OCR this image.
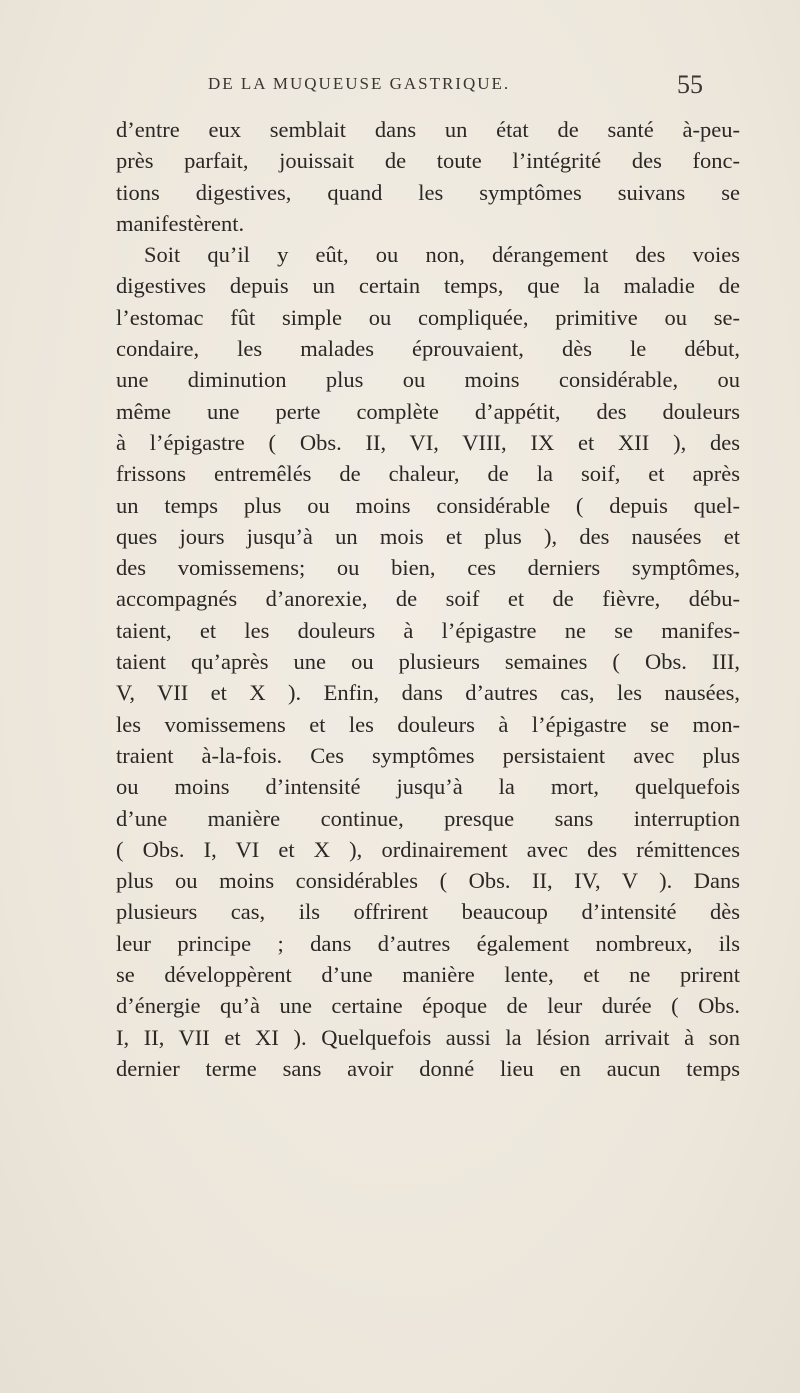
DE LA MUQUEUSE GASTRIQUE.	55
d’entre eux semblait dans un état de santé à-peu-
près parfait, jouissait de toute l’intégrité des fonc-
tions digestives, quand les symptômes suivans se
manifestèrent.
Soit qu’il y eût, ou non, dérangement des voies
digestives depuis un certain temps, que la maladie de
l’estomac fût simple ou compliquée, primitive ou se-
condaire, les malades éprouvaient, dès le début,
une diminution plus ou moins considérable, ou
même une perte complète d’appétit, des douleurs
à l’épigastre ( Obs. II, VI, VIII, IX et XII ), des
frissons entremêlés de chaleur, de la soif, et après
un temps plus ou moins considérable ( depuis quel-
ques jours jusqu’à un mois et plus ), des nausées et
des vomissemens; ou bien, ces derniers symptômes,
accompagnés d’anorexie, de soif et de fièvre, débu-
taient, et les douleurs à l’épigastre ne se manifes-
taient qu’après une ou plusieurs semaines ( Obs. III,
V, VII et X ). Enfin, dans d’autres cas, les nausées,
les vomissemens et les douleurs à l’épigastre se mon-
traient à-la-fois. Ces symptômes persistaient avec plus
ou moins d’intensité jusqu’à la mort, quelquefois
d’une manière continue, presque sans interruption
( Obs. I, VI et X ), ordinairement avec des rémittences
plus ou moins considérables ( Obs. II, IV, V ). Dans
plusieurs cas, ils offrirent beaucoup d’intensité dès
leur principe ; dans d’autres également nombreux, ils
se développèrent d’une manière lente, et ne prirent
d’énergie qu’à une certaine époque de leur durée ( Obs.
I, II, VII et XI ). Quelquefois aussi la lésion arrivait à son
dernier terme sans avoir donné lieu en aucun temps
